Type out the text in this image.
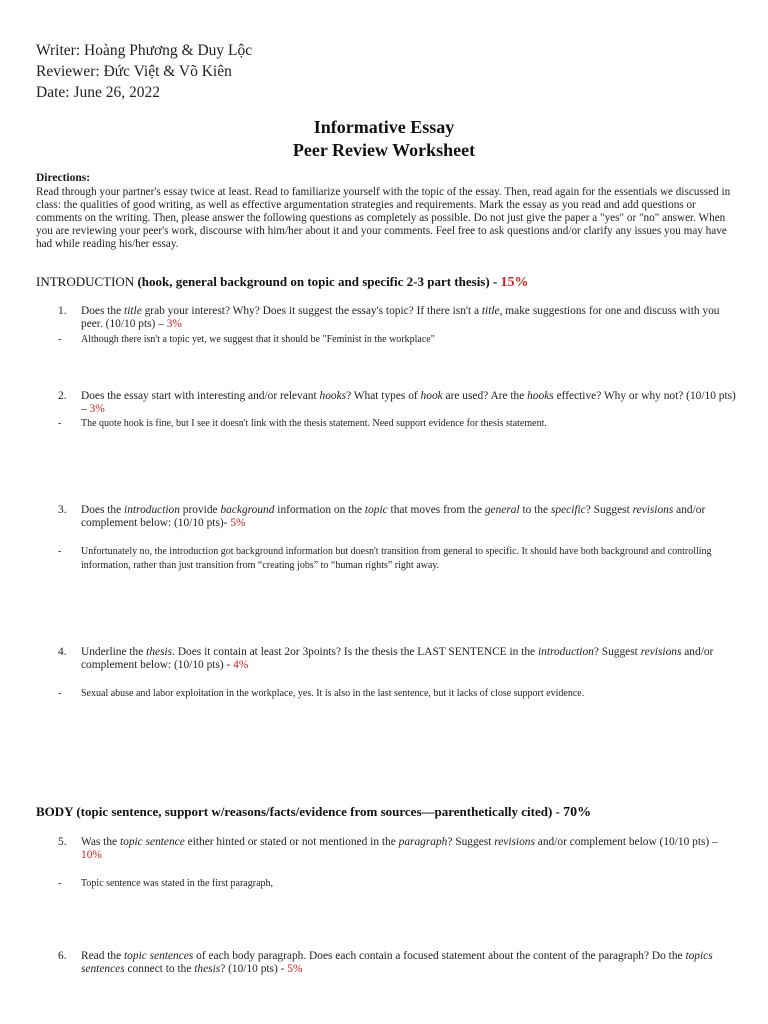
Writer: Hoàng Phương & Duy Lộc
Reviewer: Đức Việt & Võ Kiên
Date: June 26, 2022
Informative Essay
Peer Review Worksheet
Directions:
Read through your partner's essay twice at least. Read to familiarize yourself with the topic of the essay. Then, read again for the essentials we discussed in class: the qualities of good writing, as well as effective argumentation strategies and requirements. Mark the essay as you read and add questions or comments on the writing. Then, please answer the following questions as completely as possible. Do not just give the paper a "yes" or "no" answer. When you are reviewing your peer's work, discourse with him/her about it and your comments. Feel free to ask questions and/or clarify any issues you may have had while reading his/her essay.
INTRODUCTION (hook, general background on topic and specific 2-3 part thesis) - 15%
1.	Does the title grab your interest? Why? Does it suggest the essay's topic? If there isn't a title, make suggestions for one and discuss with you peer. (10/10 pts) – 3%
-	Although there isn't a topic yet, we suggest that it should be "Feminist in the workplace"
2.	Does the essay start with interesting and/or relevant hooks? What types of hook are used? Are the hooks effective? Why or why not? (10/10 pts) – 3%
-	The quote hook is fine, but I see it doesn't link with the thesis statement. Need support evidence for thesis statement.
3.	Does the introduction provide background information on the topic that moves from the general to the specific? Suggest revisions and/or complement below: (10/10 pts)- 5%
-	Unfortunately no, the introduction got background information but doesn't transition from general to specific. It should have both background and controlling information, rather than just transition from “creating jobs” to “human rights” right away.
4.	Underline the thesis. Does it contain at least 2or 3points? Is the thesis the LAST SENTENCE in the introduction? Suggest revisions and/or complement below: (10/10 pts) - 4%
-	Sexual abuse and labor exploitation in the workplace, yes. It is also in the last sentence, but it lacks of close support evidence.
BODY (topic sentence, support w/reasons/facts/evidence from sources—parenthetically cited) - 70%
5.	Was the topic sentence either hinted or stated or not mentioned in the paragraph? Suggest revisions and/or complement below (10/10 pts) – 10%
-	Topic sentence was stated in the first paragraph,
6.	Read the topic sentences of each body paragraph. Does each contain a focused statement about the content of the paragraph? Do the topics sentences connect to the thesis? (10/10 pts) - 5%
